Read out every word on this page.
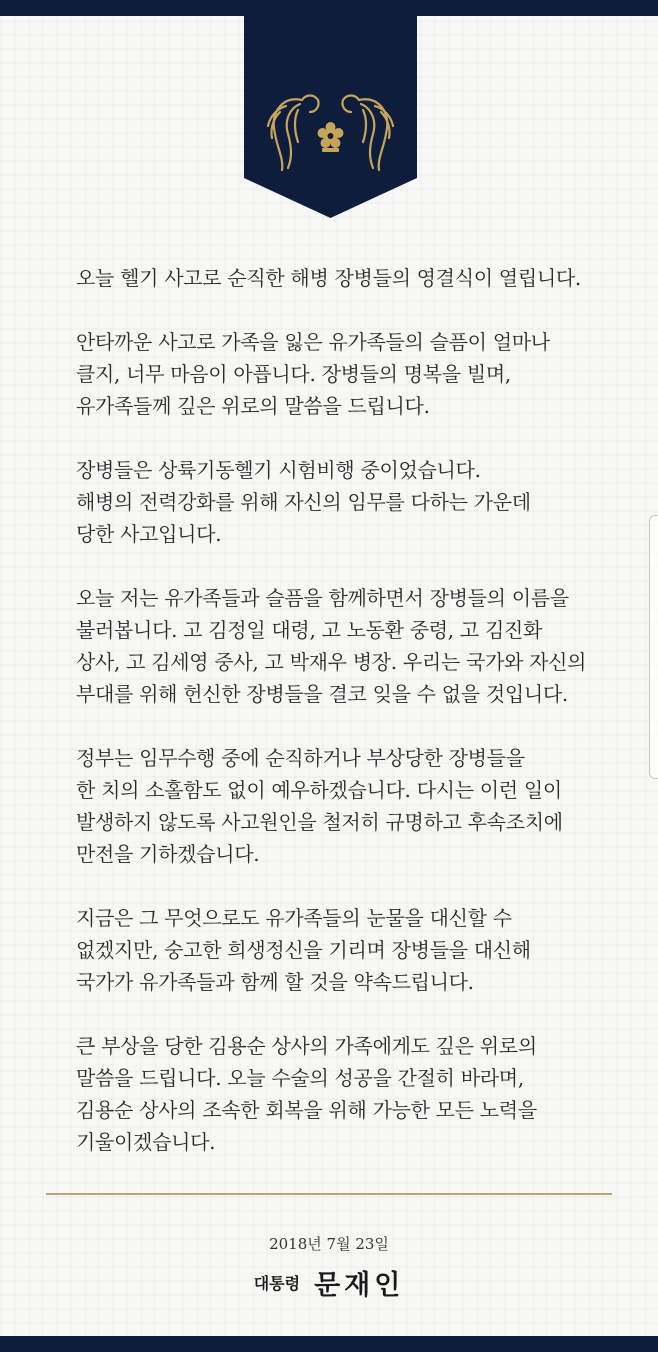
오늘 헬기 사고로 순직한 해병 장병들의 영결식이 열립니다.
안타까운 사고로 가족을 잃은 유가족들의 슬픔이 얼마나
클지, 너무 마음이 아픕니다. 장병들의 명복을 빌며,
유가족들께 깊은 위로의 말씀을 드립니다.
장병들은 상륙기동헬기 시험비행 중이었습니다.
해병의 전력강화를 위해 자신의 임무를 다하는 가운데
당한 사고입니다.
오늘 저는 유가족들과 슬픔을 함께하면서 장병들의 이름을
불러봅니다. 고 김정일 대령, 고 노동환 중령, 고 김진화
상사, 고 김세영 중사, 고 박재우 병장. 우리는 국가와 자신의
부대를 위해 헌신한 장병들을 결코 잊을 수 없을 것입니다.
정부는 임무수행 중에 순직하거나 부상당한 장병들을
한 치의 소홀함도 없이 예우하겠습니다. 다시는 이런 일이
발생하지 않도록 사고원인을 철저히 규명하고 후속조치에
만전을 기하겠습니다.
지금은 그 무엇으로도 유가족들의 눈물을 대신할 수
없겠지만, 숭고한 희생정신을 기리며 장병들을 대신해
국가가 유가족들과 함께 할 것을 약속드립니다.
큰 부상을 당한 김용순 상사의 가족에게도 깊은 위로의
말씀을 드립니다. 오늘 수술의 성공을 간절히 바라며,
김용순 상사의 조속한 회복을 위해 가능한 모든 노력을
기울이겠습니다.
2018년 7월 23일
대통령 문재인
